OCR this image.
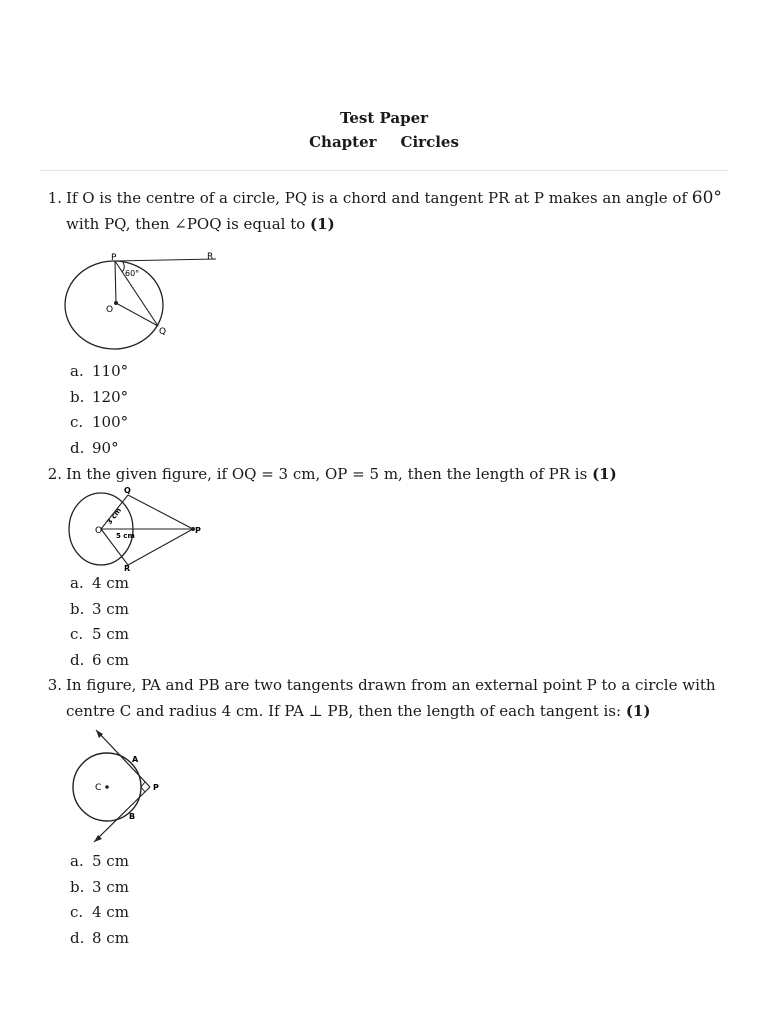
Test Paper
Chapter Circles
1. If O is the centre of a circle, PQ is a chord and tangent PR at P makes an angle of 60° with PQ, then ∠POQ is equal to (1)
P	R
60°
O
Q
a. 110°
b. 120°
c. 100°
d. 90°
2. In the given figure, if OQ = 3 cm, OP = 5 m, then the length of PR is (1)
Q
O	P
R
3 cm
5 cm
a. 4 cm
b. 3 cm
c. 5 cm
d. 6 cm
3. In figure, PA and PB are two tangents drawn from an external point P to a circle with centre C and radius 4 cm. If PA ⊥ PB, then the length of each tangent is: (1)
A
C	P
B
a. 5 cm
b. 3 cm
c. 4 cm
d. 8 cm
